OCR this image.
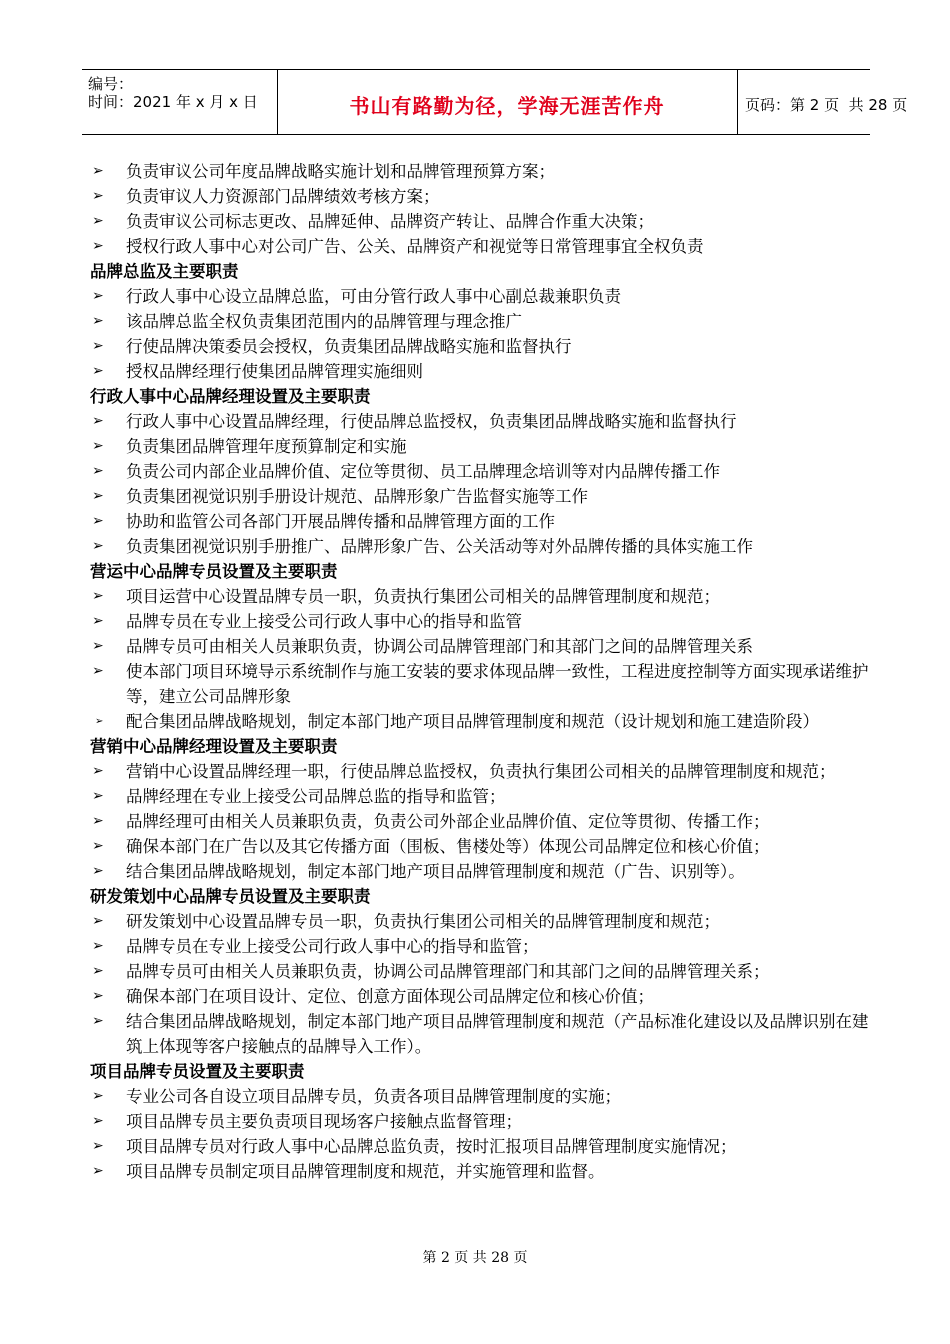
编号：
时间：2021 年 x 月 x 日	书山有路勤为径，学海无涯苦作舟	页码：第 2 页  共 28 页
➢ 负责审议公司年度品牌战略实施计划和品牌管理预算方案；
➢ 负责审议人力资源部门品牌绩效考核方案；
➢ 负责审议公司标志更改、品牌延伸、品牌资产转让、品牌合作重大决策；
➢ 授权行政人事中心对公司广告、公关、品牌资产和视觉等日常管理事宜全权负责
品牌总监及主要职责
➢ 行政人事中心设立品牌总监，可由分管行政人事中心副总裁兼职负责
➢ 该品牌总监全权负责集团范围内的品牌管理与理念推广
➢ 行使品牌决策委员会授权，负责集团品牌战略实施和监督执行
➢ 授权品牌经理行使集团品牌管理实施细则
行政人事中心品牌经理设置及主要职责
➢ 行政人事中心设置品牌经理，行使品牌总监授权，负责集团品牌战略实施和监督执行
➢ 负责集团品牌管理年度预算制定和实施
➢ 负责公司内部企业品牌价值、定位等贯彻、员工品牌理念培训等对内品牌传播工作
➢ 负责集团视觉识别手册设计规范、品牌形象广告监督实施等工作
➢ 协助和监管公司各部门开展品牌传播和品牌管理方面的工作
➢ 负责集团视觉识别手册推广、品牌形象广告、公关活动等对外品牌传播的具体实施工作
营运中心品牌专员设置及主要职责
➢ 项目运营中心设置品牌专员一职，负责执行集团公司相关的品牌管理制度和规范；
➢ 品牌专员在专业上接受公司行政人事中心的指导和监管
➢ 品牌专员可由相关人员兼职负责，协调公司品牌管理部门和其部门之间的品牌管理关系
➢ 使本部门项目环境导示系统制作与施工安装的要求体现品牌一致性，工程进度控制等方面实现承诺维护等，建立公司品牌形象
➢ 配合集团品牌战略规划，制定本部门地产项目品牌管理制度和规范（设计规划和施工建造阶段）
营销中心品牌经理设置及主要职责
➢ 营销中心设置品牌经理一职，行使品牌总监授权，负责执行集团公司相关的品牌管理制度和规范；
➢ 品牌经理在专业上接受公司品牌总监的指导和监管；
➢ 品牌经理可由相关人员兼职负责，负责公司外部企业品牌价值、定位等贯彻、传播工作；
➢ 确保本部门在广告以及其它传播方面（围板、售楼处等）体现公司品牌定位和核心价值；
➢ 结合集团品牌战略规划，制定本部门地产项目品牌管理制度和规范（广告、识别等）。
研发策划中心品牌专员设置及主要职责
➢ 研发策划中心设置品牌专员一职，负责执行集团公司相关的品牌管理制度和规范；
➢ 品牌专员在专业上接受公司行政人事中心的指导和监管；
➢ 品牌专员可由相关人员兼职负责，协调公司品牌管理部门和其部门之间的品牌管理关系；
➢ 确保本部门在项目设计、定位、创意方面体现公司品牌定位和核心价值；
➢ 结合集团品牌战略规划，制定本部门地产项目品牌管理制度和规范（产品标准化建设以及品牌识别在建筑上体现等客户接触点的品牌导入工作）。
项目品牌专员设置及主要职责
➢ 专业公司各自设立项目品牌专员，负责各项目品牌管理制度的实施；
➢ 项目品牌专员主要负责项目现场客户接触点监督管理；
➢ 项目品牌专员对行政人事中心品牌总监负责，按时汇报项目品牌管理制度实施情况；
➢ 项目品牌专员制定项目品牌管理制度和规范，并实施管理和监督。
第 2 页 共 28 页
